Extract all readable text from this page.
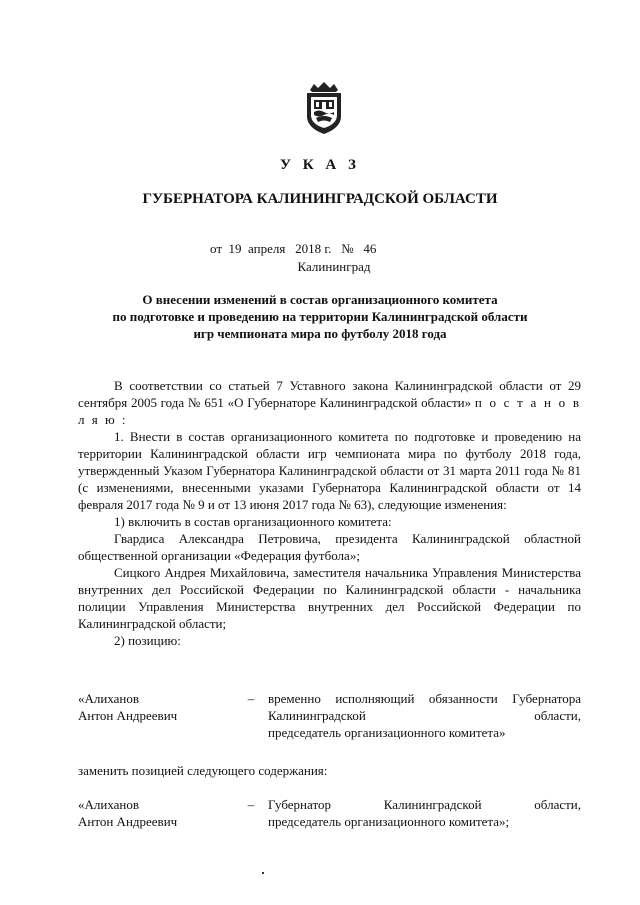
У К А З
ГУБЕРНАТОРА КАЛИНИНГРАДСКОЙ ОБЛАСТИ
от 19 апреля 2018 г. № 46
Калининград
О внесении изменений в состав организационного комитета
по подготовке и проведению на территории Калининградской области
игр чемпионата мира по футболу 2018 года

В соответствии со статьей 7 Уставного закона Калининградской области от 29 сентября 2005 года № 651 «О Губернаторе Калининградской области» п о с т а н о в л я ю :

1. Внести в состав организационного комитета по подготовке и проведению на территории Калининградской области игр чемпионата мира по футболу 2018 года, утвержденный Указом Губернатора Калининградской области от 31 марта 2011 года № 81 (с изменениями, внесенными указами Губернатора Калининградской области от 14 февраля 2017 года № 9 и от 13 июня 2017 года № 63), следующие изменения:

1) включить в состав организационного комитета:

Гвардиса Александра Петровича, президента Калининградской областной общественной организации «Федерация футбола»;

Сицкого Андрея Михайловича, заместителя начальника Управления Министерства внутренних дел Российской Федерации по Калининградской области - начальника полиции Управления Министерства внутренних дел Российской Федерации по Калининградской области;

2) позицию:

«Алиханов
Антон Андреевич
– временно исполняющий обязанности Губернатора Калининградской области,
председатель организационного комитета»
заменить позицией следующего содержания:
«Алиханов
Антон Андреевич
– Губернатор Калининградской области,
председатель организационного комитета»;
